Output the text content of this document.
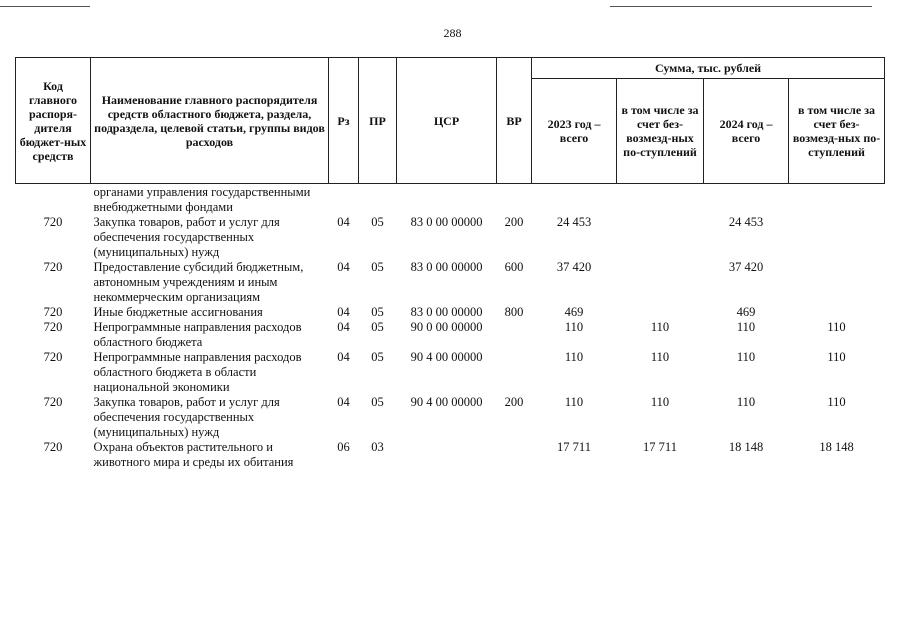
288
Код главного распоря-дителя бюджет-ных средств	Наименование главного распорядителя средств областного бюджета, раздела, подраздела, целевой статьи, группы видов расходов	Рз	ПР	ЦСР	ВР	Сумма, тыс. рублей			
						2023 год – всего	в том числе за счет без-возмезд-ных по-ступлений	2024 год – всего	в том числе за счет без-возмезд-ных по-ступлений
	органами управления государственными внебюджетными фондами								
720	Закупка товаров, работ и услуг для обеспечения государственных (муниципальных) нужд	04	05	83 0 00 00000	200	24 453		24 453	
720	Предоставление субсидий бюджетным, автономным учреждениям и иным некоммерческим организациям	04	05	83 0 00 00000	600	37 420		37 420	
720	Иные бюджетные ассигнования	04	05	83 0 00 00000	800	469		469	
720	Непрограммные направления расходов областного бюджета	04	05	90 0 00 00000		110	110	110	110
720	Непрограммные направления расходов областного бюджета в области национальной экономики	04	05	90 4 00 00000		110	110	110	110
720	Закупка товаров, работ и услуг для обеспечения государственных (муниципальных) нужд	04	05	90 4 00 00000	200	110	110	110	110
720	Охрана объектов растительного и животного мира и среды их обитания	06	03			17 711	17 711	18 148	18 148
